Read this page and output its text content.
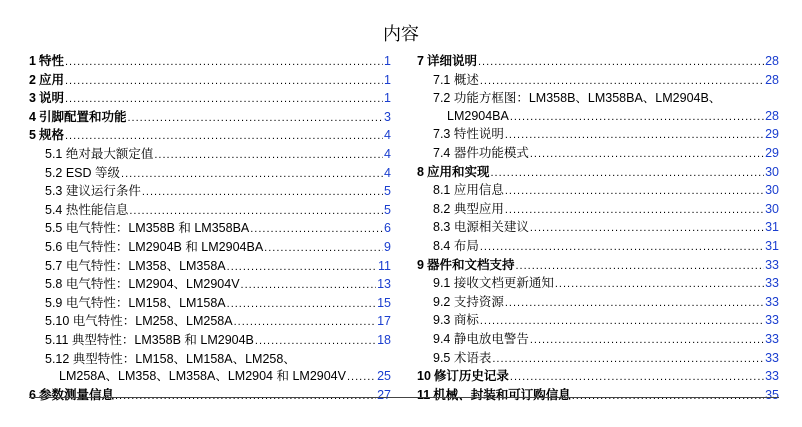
内容
1 特性 .....	1
2 应用 .....	1
3 说明 .....	1
4 引脚配置和功能 .....	3
5 规格 .....	4
5.1 绝对最大额定值 .....	4
5.2 ESD 等级 .....	4
5.3 建议运行条件 .....	5
5.4 热性能信息 .....	5
5.5 电气特性：LM358B 和 LM358BA .....	6
5.6 电气特性：LM2904B 和 LM2904BA .....	9
5.7 电气特性：LM358、LM358A .....	11
5.8 电气特性：LM2904、LM2904V .....	13
5.9 电气特性：LM158、LM158A .....	15
5.10 电气特性：LM258、LM258A .....	17
5.11 典型特性：LM358B 和 LM2904B .....	18
5.12 典型特性：LM158、LM158A、LM258、
LM258A、LM358、LM358A、LM2904 和 LM2904V ..... 25
6 参数测量信息 .....	27
7 详细说明 .....	28
7.1 概述 .....	28
7.2 功能方框图：LM358B、LM358BA、LM2904B、
LM2904BA .....	28
7.3 特性说明 .....	29
7.4 器件功能模式 .....	29
8 应用和实现 .....	30
8.1 应用信息 .....	30
8.2 典型应用 .....	30
8.3 电源相关建议 .....	31
8.4 布局 .....	31
9 器件和文档支持 .....	33
9.1 接收文档更新通知 .....	33
9.2 支持资源 .....	33
9.3 商标 .....	33
9.4 静电放电警告 .....	33
9.5 术语表 .....	33
10 修订历史记录 .....	33
11 机械、封装和可订购信息 .....	35
